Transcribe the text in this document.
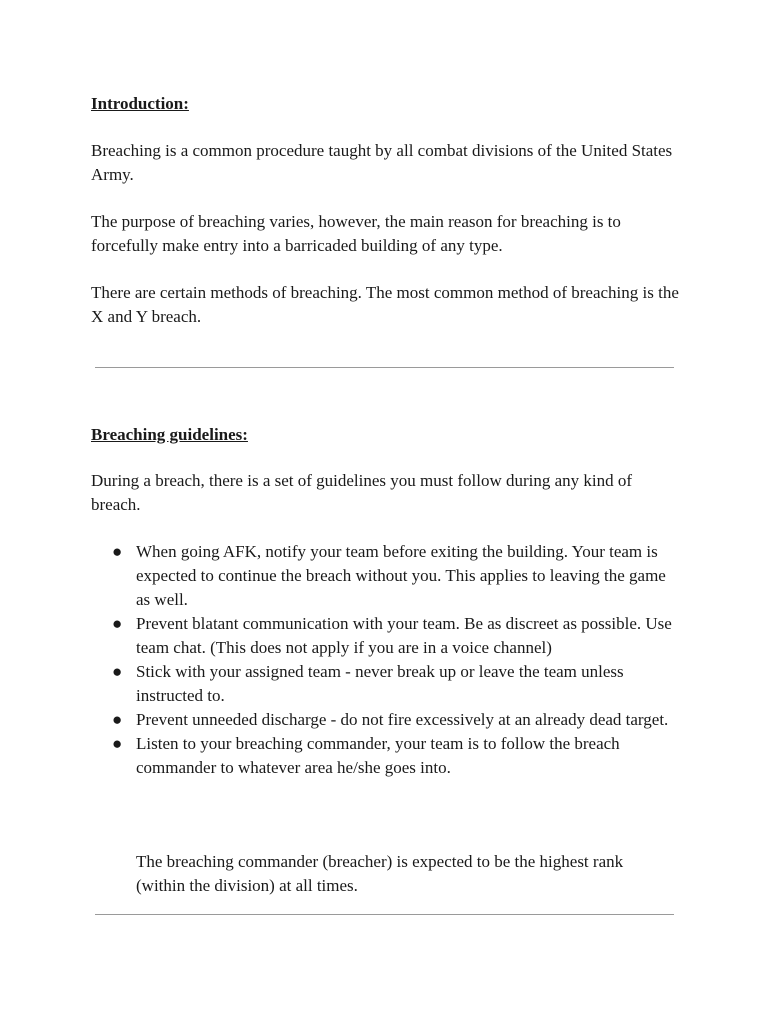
Introduction:

Breaching is a common procedure taught by all combat divisions of the United States Army.

The purpose of breaching varies, however, the main reason for breaching is to forcefully make entry into a barricaded building of any type.

There are certain methods of breaching. The most common method of breaching is the X and Y breach.

Breaching guidelines:

During a breach, there is a set of guidelines you must follow during any kind of breach.

● When going AFK, notify your team before exiting the building. Your team is expected to continue the breach without you. This applies to leaving the game as well.
● Prevent blatant communication with your team. Be as discreet as possible. Use team chat. (This does not apply if you are in a voice channel)
● Stick with your assigned team - never break up or leave the team unless instructed to.
● Prevent unneeded discharge - do not fire excessively at an already dead target.
● Listen to your breaching commander, your team is to follow the breach commander to whatever area he/she goes into.

The breaching commander (breacher) is expected to be the highest rank (within the division) at all times.
